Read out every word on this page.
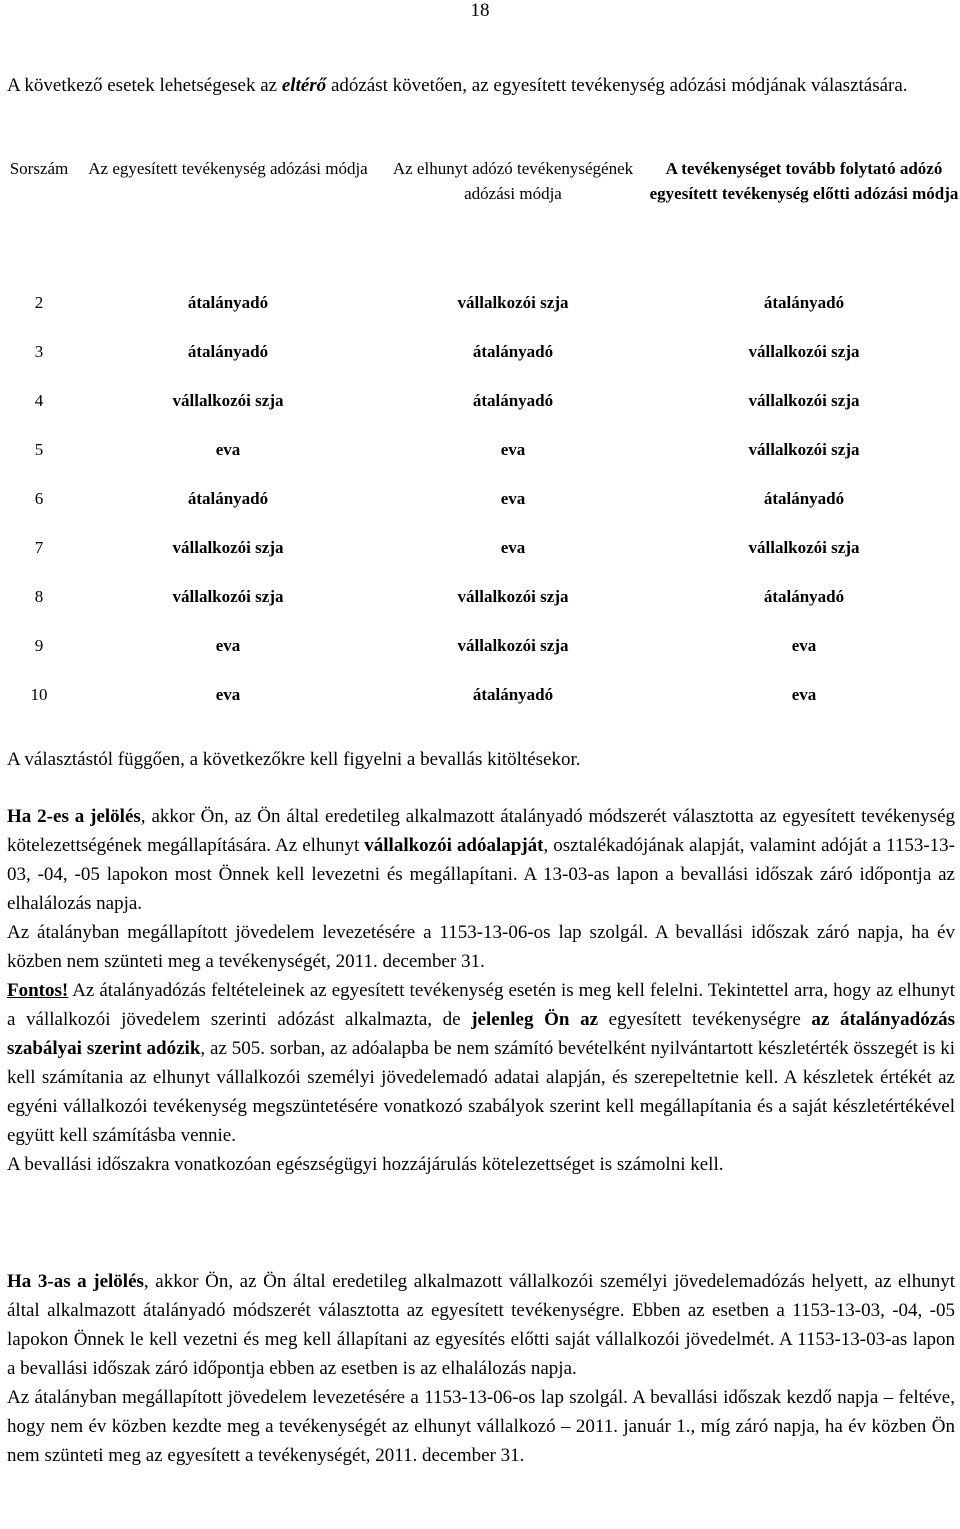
18
A következő esetek lehetségesek az eltérő adózást követően, az egyesített tevékenység adózási módjának választására.
Sorszám	Az egyesített tevékenység adózási módja	Az elhunyt adózó tevékenységének adózási módja	A tevékenységet tovább folytató adózó egyesített tevékenység előtti adózási módja
2	átalányadó	vállalkozói szja	átalányadó
3	átalányadó	átalányadó	vállalkozói szja
4	vállalkozói szja	átalányadó	vállalkozói szja
5	eva	eva	vállalkozói szja
6	átalányadó	eva	átalányadó
7	vállalkozói szja	eva	vállalkozói szja
8	vállalkozói szja	vállalkozói szja	átalányadó
9	eva	vállalkozói szja	eva
10	eva	átalányadó	eva

A választástól függően, a következőkre kell figyelni a bevallás kitöltésekor.

Ha 2-es a jelölés, akkor Ön, az Ön által eredetileg alkalmazott átalányadó módszerét választotta az egyesített tevékenység kötelezettségének megállapítására. Az elhunyt vállalkozói adóalapját, osztalékadójának alapját, valamint adóját a 1153-13-03, -04, -05 lapokon most Önnek kell levezetni és megállapítani. A 13-03-as lapon a bevallási időszak záró időpontja az elhalálozás napja.

Az átalányban megállapított jövedelem levezetésére a 1153-13-06-os lap szolgál. A bevallási időszak záró napja, ha év közben nem szünteti meg a tevékenységét, 2011. december 31.

Fontos! Az átalányadózás feltételeinek az egyesített tevékenység esetén is meg kell felelni. Tekintettel arra, hogy az elhunyt a vállalkozói jövedelem szerinti adózást alkalmazta, de jelenleg Ön az egyesített tevékenységre az átalányadózás szabályai szerint adózik, az 505. sorban, az adóalapba be nem számító bevételként nyilvántartott készletérték összegét is ki kell számítania az elhunyt vállalkozói személyi jövedelemadó adatai alapján, és szerepeltetnie kell. A készletek értékét az egyéni vállalkozói tevékenység megszüntetésére vonatkozó szabályok szerint kell megállapítania és a saját készletértékével együtt kell számításba vennie.

A bevallási időszakra vonatkozóan egészségügyi hozzájárulás kötelezettséget is számolni kell.

Ha 3-as a jelölés, akkor Ön, az Ön által eredetileg alkalmazott vállalkozói személyi jövedelemadózás helyett, az elhunyt által alkalmazott átalányadó módszerét választotta az egyesített tevékenységre. Ebben az esetben a 1153-13-03, -04, -05 lapokon Önnek le kell vezetni és meg kell állapítani az egyesítés előtti saját vállalkozói jövedelmét. A 1153-13-03-as lapon a bevallási időszak záró időpontja ebben az esetben is az elhalálozás napja.

Az átalányban megállapított jövedelem levezetésére a 1153-13-06-os lap szolgál. A bevallási időszak kezdő napja – feltéve, hogy nem év közben kezdte meg a tevékenységét az elhunyt vállalkozó – 2011. január 1., míg záró napja, ha év közben Ön nem szünteti meg az egyesített a tevékenységét, 2011. december 31.
